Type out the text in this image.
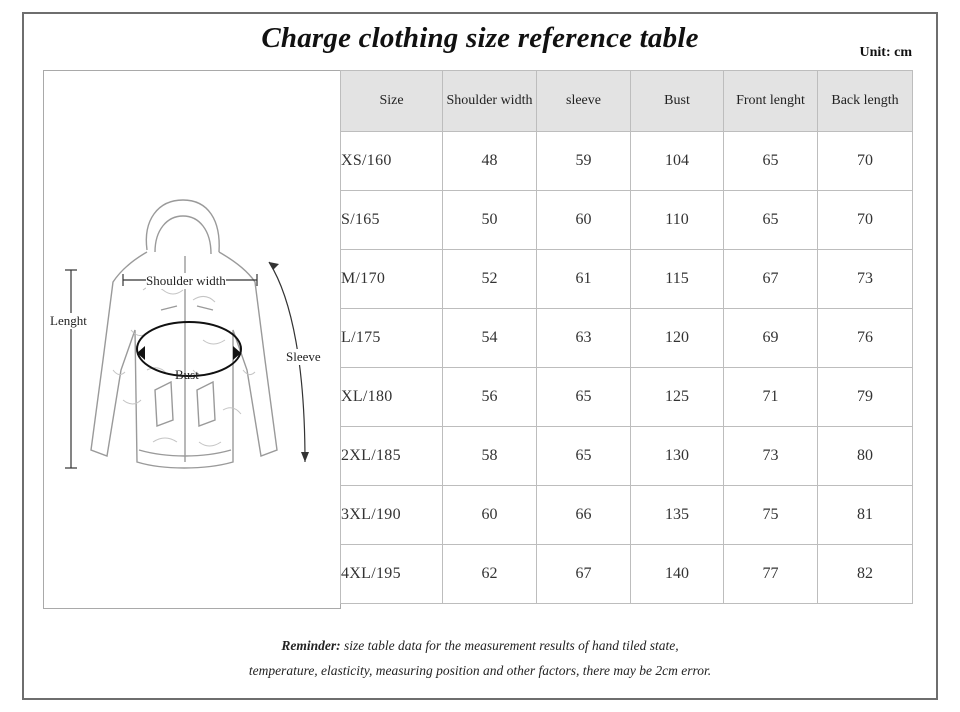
Charge clothing size reference table	Unit: cm
Shoulder width
Lenght
Sleeve
Bust
Size	Shoulder width	sleeve	Bust	Front lenght	Back length
XS/160	48	59	104	65	70
S/165	50	60	110	65	70
M/170	52	61	115	67	73
L/175	54	63	120	69	76
XL/180	56	65	125	71	79
2XL/185	58	65	130	73	80
3XL/190	60	66	135	75	81
4XL/195	62	67	140	77	82
Reminder: size table data for the measurement results of hand tiled state,
temperature, elasticity, measuring position and other factors, there may be 2cm error.
